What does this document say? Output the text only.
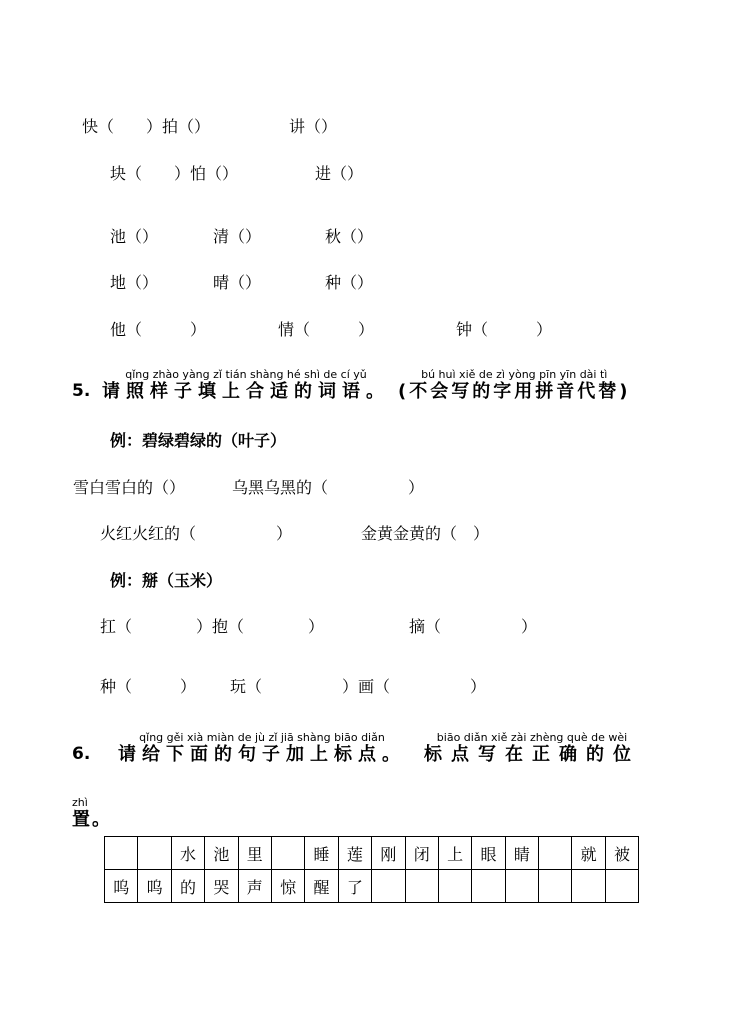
快（　　）拍（）	讲（）
块（　　）怕（）	进（）
池（）	清（）	秋（）
地（）	晴（）	种（）
他（　　　）	情（　　　）	钟（　　　）
5.
qǐng zhào yàng zǐ tián shàng hé shì de cí yǔ
请照样子填上合适的词语。
bú huì xiě de zì yòng pīn yīn dài tì
(不会写的字用拼音代替)
例：碧绿碧绿的（叶子）
雪白雪白的（）	乌黑乌黑的（　　　　　）
火红火红的（　　　　　）	金黄金黄的（　）
例：掰（玉米）
扛（　　　　）抱（　　　　）	摘（　　　　　）
种（　　　） 玩（　　　　　）画（　　　　　）
6.
qǐng gěi xià miàn de jù zǐ jiā shàng biāo diǎn
请给下面的句子加上标点。
biāo diǎn xiě zài zhèng què de wèi
标点写在正确的位
zhì
置。
		水	池	里		睡	莲	刚	闭	上	眼	睛		就	被
呜	呜	的	哭	声	惊	醒	了								
